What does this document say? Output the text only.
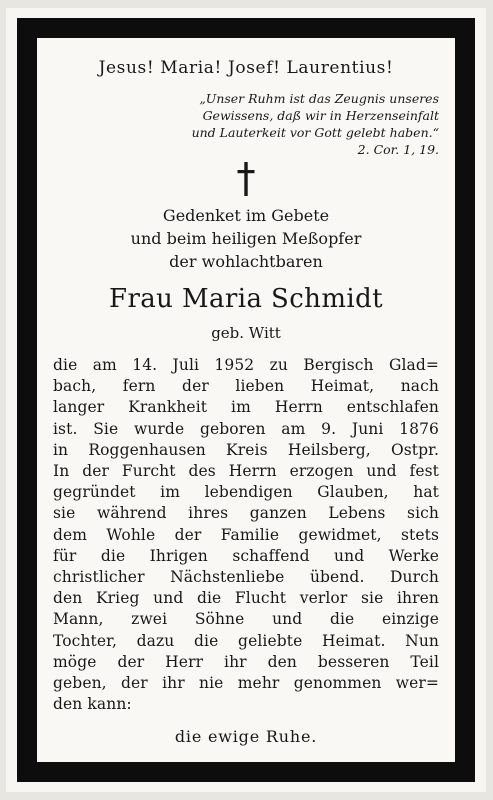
Jesus! Maria! Josef! Laurentius!

„Unser Ruhm ist das Zeugnis unseres

Gewissens, daß wir in Herzenseinfalt

und Lauterkeit vor Gott gelebt haben.“

2. Cor. 1, 19.

Gedenket im Gebete

und beim heiligen Meßopfer

der wohlachtbaren

Frau Maria Schmidt

geb. Witt

die am 14. Juli 1952 zu Bergisch Glad=

bach, fern der lieben Heimat, nach

langer Krankheit im Herrn entschlafen

ist. Sie wurde geboren am 9. Juni 1876

in Roggenhausen Kreis Heilsberg, Ostpr.

In der Furcht des Herrn erzogen und fest

gegründet im lebendigen Glauben, hat

sie während ihres ganzen Lebens sich

dem Wohle der Familie gewidmet, stets

für die Ihrigen schaffend und Werke

christlicher Nächstenliebe übend. Durch

den Krieg und die Flucht verlor sie ihren

Mann, zwei Söhne und die einzige

Tochter, dazu die geliebte Heimat. Nun

möge der Herr ihr den besseren Teil

geben, der ihr nie mehr genommen wer=

den kann:

die ewige Ruhe.
